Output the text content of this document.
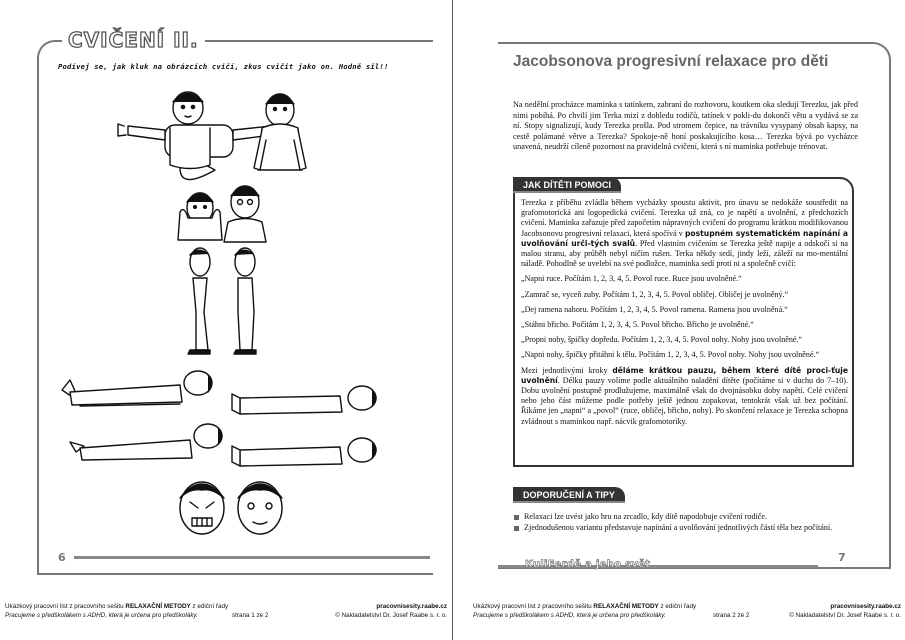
CVIČENÍ II.
Podívej se, jak kluk na obrázcích cvičí, zkus cvičit jako on. Hodně sil!!
6
Ukázkový pracovní list z pracovního sešitu RELAXAČNÍ METODY z ediční řady
Pracujeme s předškolákem s ADHD, která je určena pro předškoláky.	strana 1 ze 2
pracovnisesity.raabe.cz
© Nakladatelství Dr. Josef Raabe s. r. o.
Jacobsonova progresivní relaxace pro děti
Na nedělní procházce maminka s tatínkem, zabraní do rozhovoru, koutkem oka sledují Terezku, jak před nimi pobíhá. Po chvilí jim Terka mizí z dohledu rodičů, tatínek v pokli-du dokončí větu a vydává se za ní. Stopy signalizují, kudy Terezka prošla. Pod stromem čepice, na trávníku vysypaný obsah kapsy, na cestě polámané větve a Terezka? Spokoje-ně honí poskakujícího kosa… Terezka bývá po vycházce unavená, neudrží cíleně pozornost na pravidelná cvičení, která s ní maminka potřebuje trénovat.
JAK DÍTĚTI POMOCI

Terezka z příběhu zvládla během vycházky spoustu aktivit, pro únavu se nedokáže soustředit na grafomotorická ani logopedická cvičení. Terezka už zná, co je napětí a uvolnění, z předchozích cvičení. Maminka zařazuje před započetím nápravných cvičení do programu krátkou modifikovanou Jacobsonovu progresivní relaxaci, která spočívá v postupném systematickém napínání a uvolňování urči-tých svalů. Před vlastním cvičením se Terezka ještě napije a odskočí si na malou stranu, aby průběh nebyl ničím rušen. Terka někdy sedí, jindy leží, záleží na mo-mentální náladě. Pohodlně se uvelebí na své podložce, maminka sedí proti ni a společně cvičí:

„Napni ruce. Počítám 1, 2, 3, 4, 5. Povol ruce. Ruce jsou uvolněné.“

„Zamrač se, vyceň zuby. Počítám 1, 2, 3, 4, 5. Povol obličej. Obličej je uvolněný.“

„Dej ramena nahoru. Počítám 1, 2, 3, 4, 5. Povol ramena. Ramena jsou uvolněná.“

„Stáhni břicho. Počítám 1, 2, 3, 4, 5. Povol břicho. Břicho je uvolněné.“

„Propni nohy, špičky dopředu. Počítám 1, 2, 3, 4, 5. Povol nohy. Nohy jsou uvolněné.“

„Napni nohy, špičky přitáhni k tělu. Počítám 1, 2, 3, 4, 5. Povol nohy. Nohy jsou uvolněné.“

Mezi jednotlivými kroky děláme krátkou pauzu, během které dítě proci-ťuje uvolnění. Délku pauzy volíme podle aktuálního naladění dítěte (počítáme si v duchu do 7–10). Dobu uvolnění postupně prodlužujeme, maximálně však do dvojnásobku doby napětí. Celé cvičení nebo jeho část můžeme podle potřeby ještě jednou zopakovat, tentokrát však už bez počítání. Říkáme jen „napni“ a „povol“ (ruce, obličej, břicho, nohy). Po skončení relaxace je Terezka schopna zvládnout s maminkou např. nácvik grafomotoriky.

DOPORUČENÍ A TIPY
Relaxaci lze uvést jako hru na zrcadlo, kdy dítě napodobuje cvičení rodiče.
Zjednodušenou variantu představuje napínání a uvolňování jednotlivých částí těla bez počítání.
KuliFerdě a jeho svět
7
Ukázkový pracovní list z pracovního sešitu RELAXAČNÍ METODY z ediční řady
Pracujeme s předškolákem s ADHD, která je určena pro předškoláky.	strana 2 ze 2
pracovnisesity.raabe.cz
© Nakladatelství Dr. Josef Raabe s. r. o.
